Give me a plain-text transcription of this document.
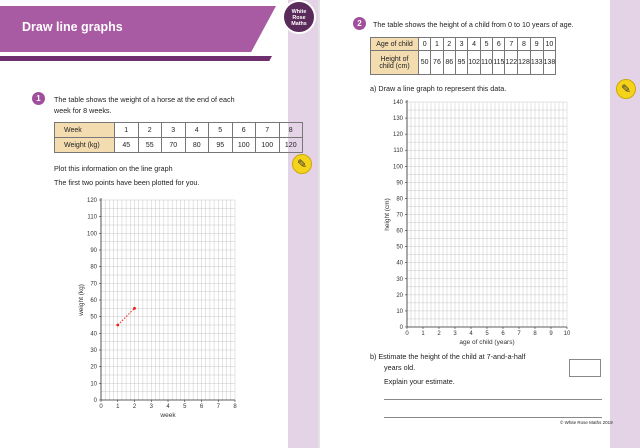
Draw line graphs
White
Rose
Maths
1	The table shows the weight of a horse at the end of each
week for 8 weeks.
Week	1	2	3	4	5	6	7	8
Weight (kg)	45	55	70	80	95	100	100	120
Plot this information on the line graph
The first two points have been plotted for you.
✎
0 1 2 3 4 5 6 7 8
0
10
20
30
40
50
60
70
80
90
100
110
120
week
weight (kg)
2	The table shows the height of a child from 0 to 10 years of age.
✎
a) Draw a line graph to represent this data.
b) Estimate the height of the child at 7-and-a-half
years old.
Explain your estimate.
© White Rose Maths 2019
Age of child	0	1	2	3	4	5	6	7	8	9	10

Height of
child (cm)	50	76	86	95	102	110	115	122	128	133	138
0 1 2 3 4 5 6 7 8 9 10
0
10
20
30
40
50
60
70
80
90
100
110
120
130
140
age of child (years)
height (cm)
